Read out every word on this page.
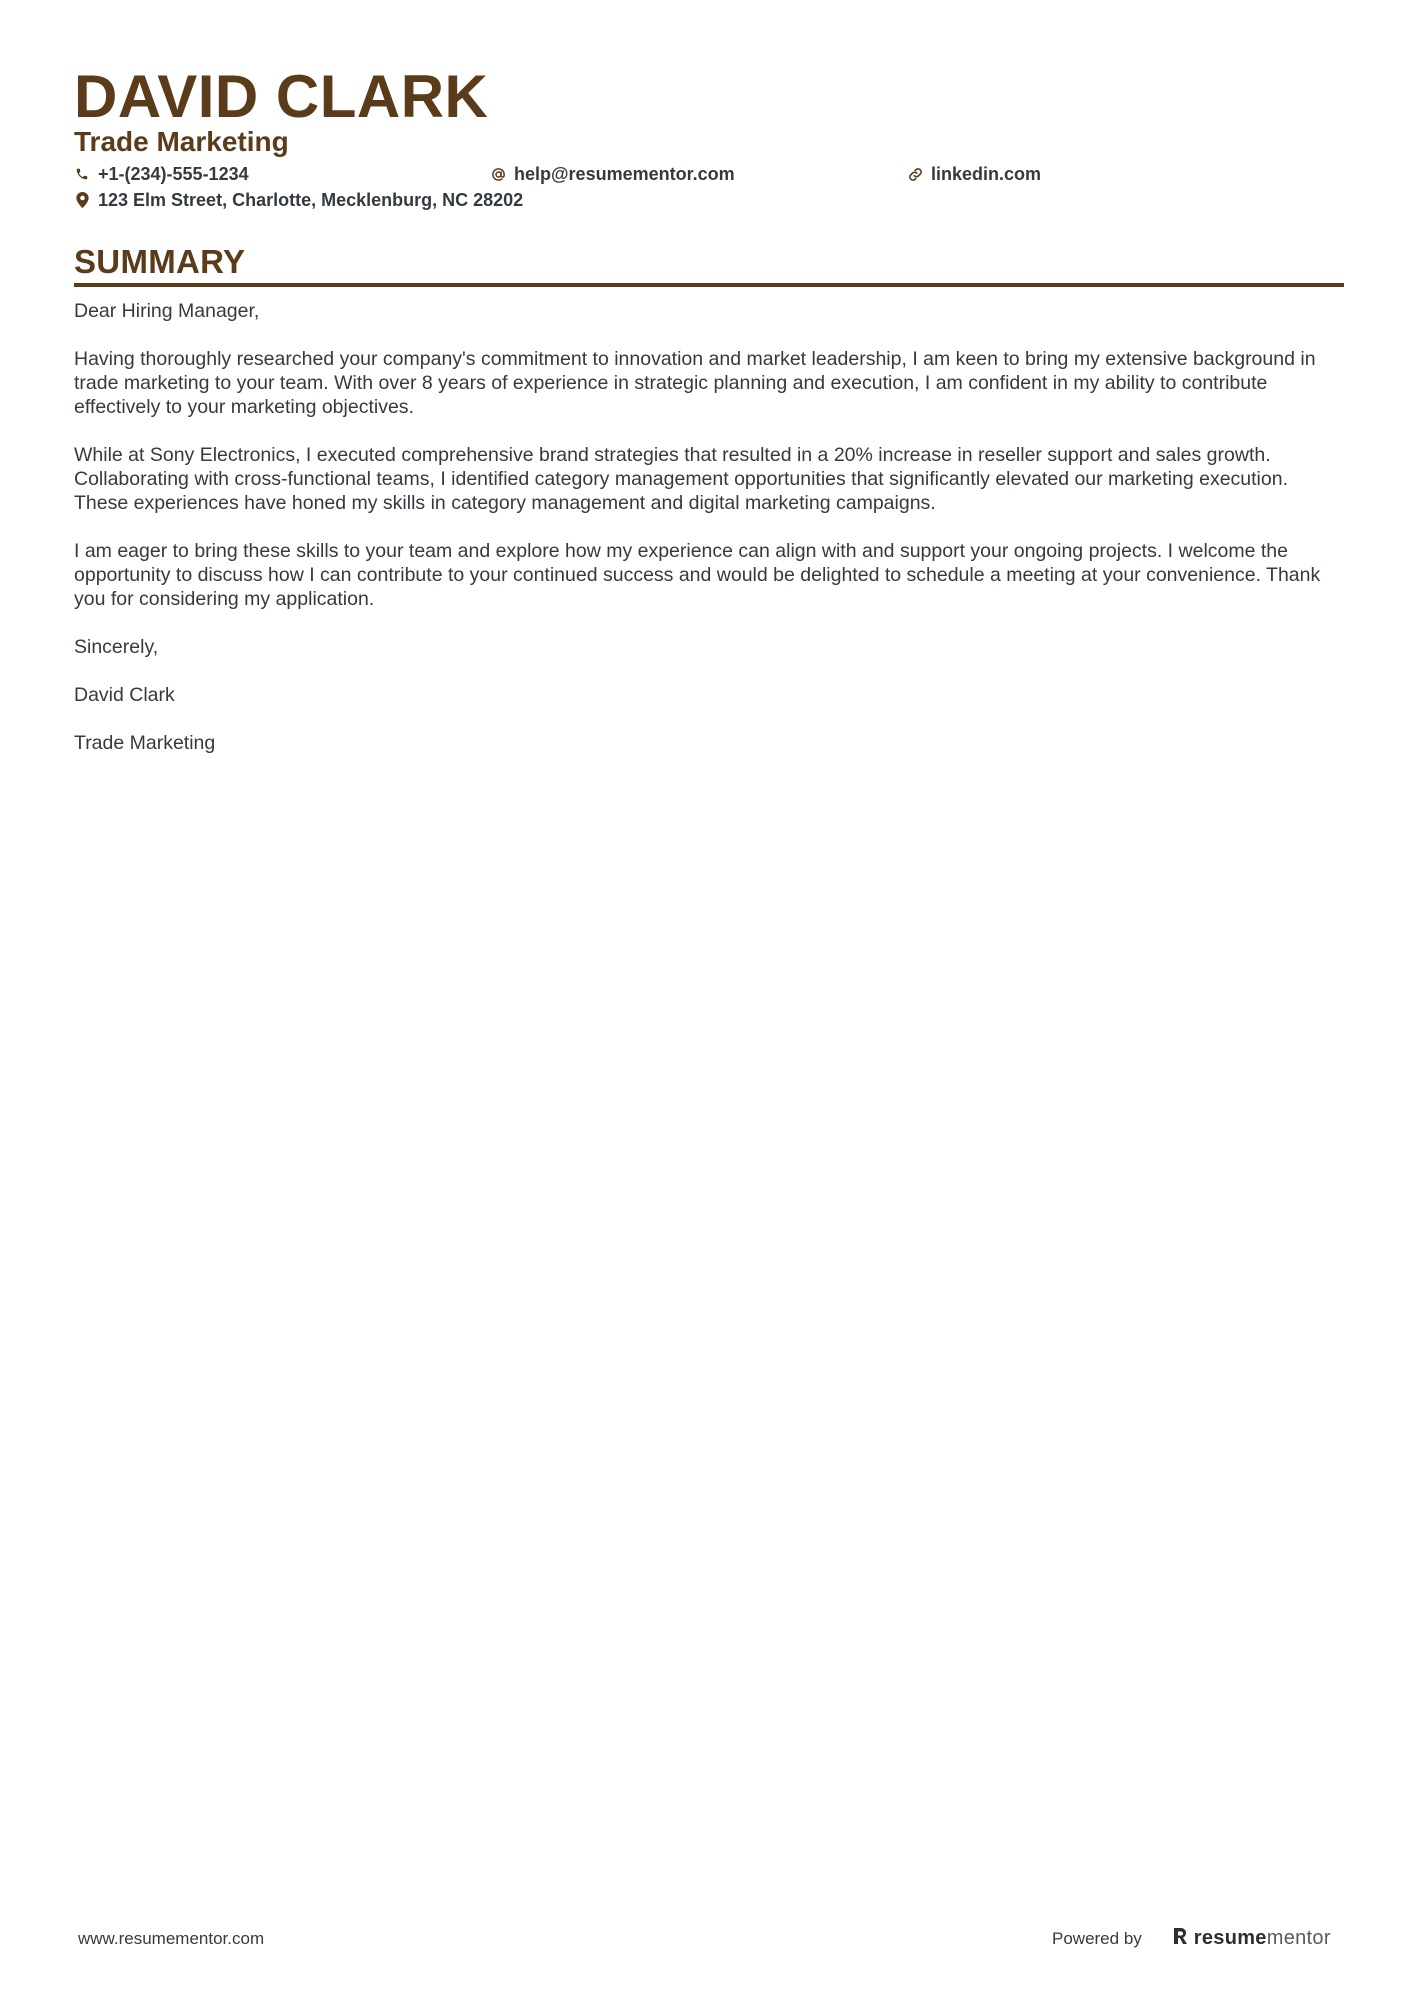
DAVID CLARK
Trade Marketing
+1-(234)-555-1234	help@resumementor.com	linkedin.com
123 Elm Street, Charlotte, Mecklenburg, NC 28202
SUMMARY

Dear Hiring Manager,

Having thoroughly researched your company's commitment to innovation and market leadership, I am keen to bring my extensive background in trade marketing to your team. With over 8 years of experience in strategic planning and execution, I am confident in my ability to contribute effectively to your marketing objectives.

While at Sony Electronics, I executed comprehensive brand strategies that resulted in a 20% increase in reseller support and sales growth. Collaborating with cross-functional teams, I identified category management opportunities that significantly elevated our marketing execution. These experiences have honed my skills in category management and digital marketing campaigns.

I am eager to bring these skills to your team and explore how my experience can align with and support your ongoing projects. I welcome the opportunity to discuss how I can contribute to your continued success and would be delighted to schedule a meeting at your convenience. Thank you for considering my application.

Sincerely,

David Clark

Trade Marketing

www.resumementor.com	Powered by	resumementor
